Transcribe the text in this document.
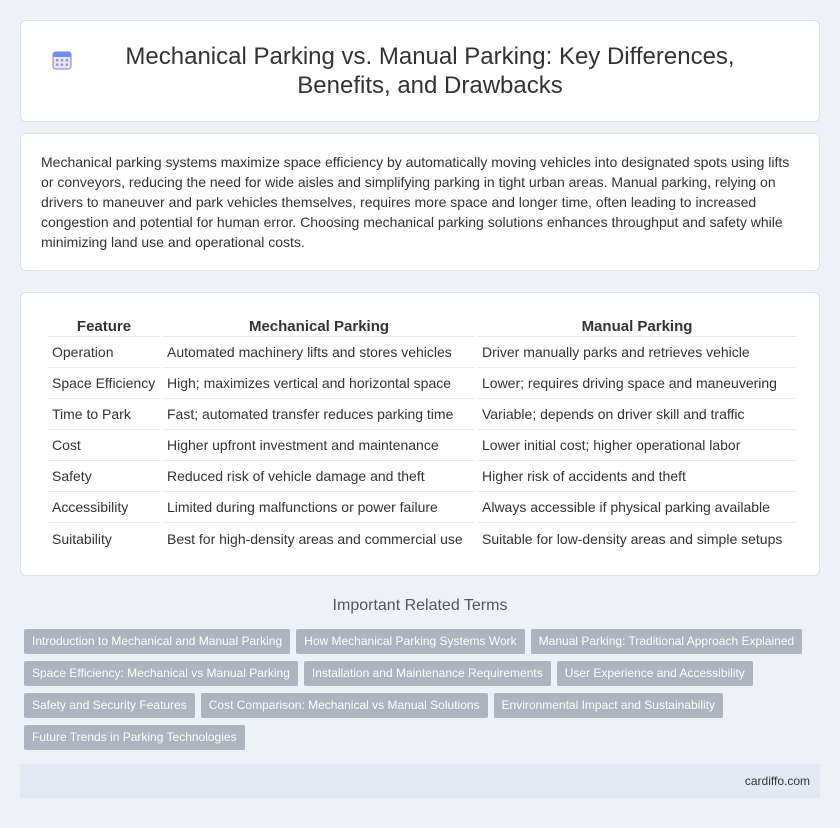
Mechanical Parking vs. Manual Parking: Key Differences, Benefits, and Drawbacks

Mechanical parking systems maximize space efficiency by automatically moving vehicles into designated spots using lifts or conveyors, reducing the need for wide aisles and simplifying parking in tight urban areas. Manual parking, relying on drivers to maneuver and park vehicles themselves, requires more space and longer time, often leading to increased congestion and potential for human error. Choosing mechanical parking solutions enhances throughput and safety while minimizing land use and operational costs.

Feature	Mechanical Parking	Manual Parking
Operation	Automated machinery lifts and stores vehicles	Driver manually parks and retrieves vehicle
Space Efficiency	High; maximizes vertical and horizontal space	Lower; requires driving space and maneuvering
Time to Park	Fast; automated transfer reduces parking time	Variable; depends on driver skill and traffic
Cost	Higher upfront investment and maintenance	Lower initial cost; higher operational labor
Safety	Reduced risk of vehicle damage and theft	Higher risk of accidents and theft
Accessibility	Limited during malfunctions or power failure	Always accessible if physical parking available
Suitability	Best for high-density areas and commercial use	Suitable for low-density areas and simple setups
Important Related Terms
Introduction to Mechanical and Manual Parking	How Mechanical Parking Systems Work	Manual Parking: Traditional Approach Explained
Space Efficiency: Mechanical vs Manual Parking	Installation and Maintenance Requirements	User Experience and Accessibility
Safety and Security Features	Cost Comparison: Mechanical vs Manual Solutions	Environmental Impact and Sustainability
Future Trends in Parking Technologies
cardiffo.com
